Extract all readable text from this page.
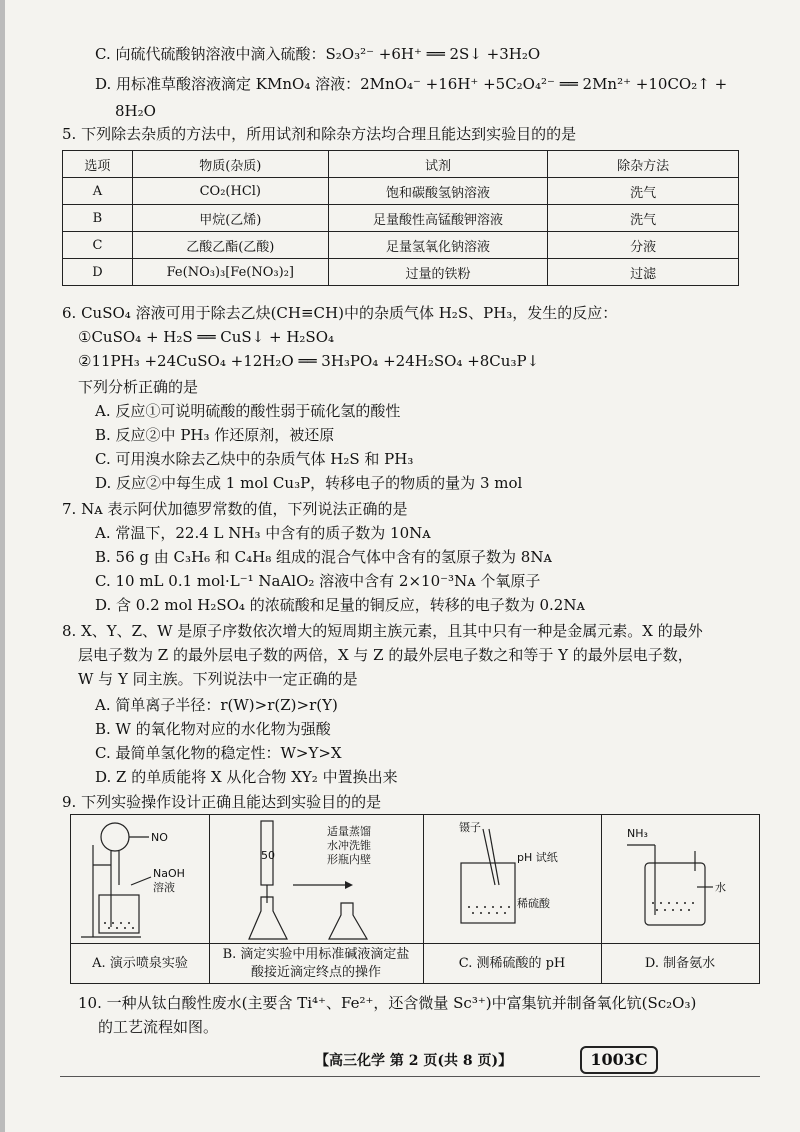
C. 向硫代硫酸钠溶液中滴入硫酸：S₂O₃²⁻ +6H⁺ ══ 2S↓ +3H₂O
D. 用标准草酸溶液滴定 KMnO₄ 溶液：2MnO₄⁻ +16H⁺ +5C₂O₄²⁻ ══ 2Mn²⁺ +10CO₂↑ +
8H₂O
5. 下列除去杂质的方法中，所用试剂和除杂方法均合理且能达到实验目的的是
选项	物质(杂质)	试剂	除杂方法
A	CO₂(HCl)	饱和碳酸氢钠溶液	洗气
B	甲烷(乙烯)	足量酸性高锰酸钾溶液	洗气
C	乙酸乙酯(乙酸)	足量氢氧化钠溶液	分液
D	Fe(NO₃)₃[Fe(NO₃)₂]	过量的铁粉	过滤
6. CuSO₄ 溶液可用于除去乙炔(CH≡CH)中的杂质气体 H₂S、PH₃，发生的反应：
①CuSO₄ + H₂S ══ CuS↓ + H₂SO₄
②11PH₃ +24CuSO₄ +12H₂O ══ 3H₃PO₄ +24H₂SO₄ +8Cu₃P↓
下列分析正确的是
A. 反应①可说明硫酸的酸性弱于硫化氢的酸性
B. 反应②中 PH₃ 作还原剂，被还原
C. 可用溴水除去乙炔中的杂质气体 H₂S 和 PH₃
D. 反应②中每生成 1 mol Cu₃P，转移电子的物质的量为 3 mol
7. Nᴀ 表示阿伏加德罗常数的值，下列说法正确的是
A. 常温下，22.4 L NH₃ 中含有的质子数为 10Nᴀ
B. 56 g 由 C₃H₆ 和 C₄H₈ 组成的混合气体中含有的氢原子数为 8Nᴀ
C. 10 mL 0.1 mol·L⁻¹ NaAlO₂ 溶液中含有 2×10⁻³Nᴀ 个氧原子
D. 含 0.2 mol H₂SO₄ 的浓硫酸和足量的铜反应，转移的电子数为 0.2Nᴀ
8. X、Y、Z、W 是原子序数依次增大的短周期主族元素，且其中只有一种是金属元素。X 的最外
层电子数为 Z 的最外层电子数的两倍，X 与 Z 的最外层电子数之和等于 Y 的最外层电子数，
W 与 Y 同主族。下列说法中一定正确的是
A. 简单离子半径：r(W)>r(Z)>r(Y)
B. W 的氧化物对应的水化物为强酸
C. 最简单氢化物的稳定性：W>Y>X
D. Z 的单质能将 X 从化合物 XY₂ 中置换出来
9. 下列实验操作设计正确且能达到实验目的的是
NO
NaOH
溶液
A. 演示喷泉实验
50
适量蒸馏
水冲洗锥
形瓶内壁
B. 滴定实验中用标准碱液滴定盐酸接近滴定终点的操作
镊子
pH 试纸
稀硫酸
C. 测稀硫酸的 pH
NH₃
水
D. 制备氨水
10. 一种从钛白酸性废水(主要含 Ti⁴⁺、Fe²⁺，还含微量 Sc³⁺)中富集钪并制备氧化钪(Sc₂O₃)
的工艺流程如图。
【高三化学 第 2 页(共 8 页)】	1003C
